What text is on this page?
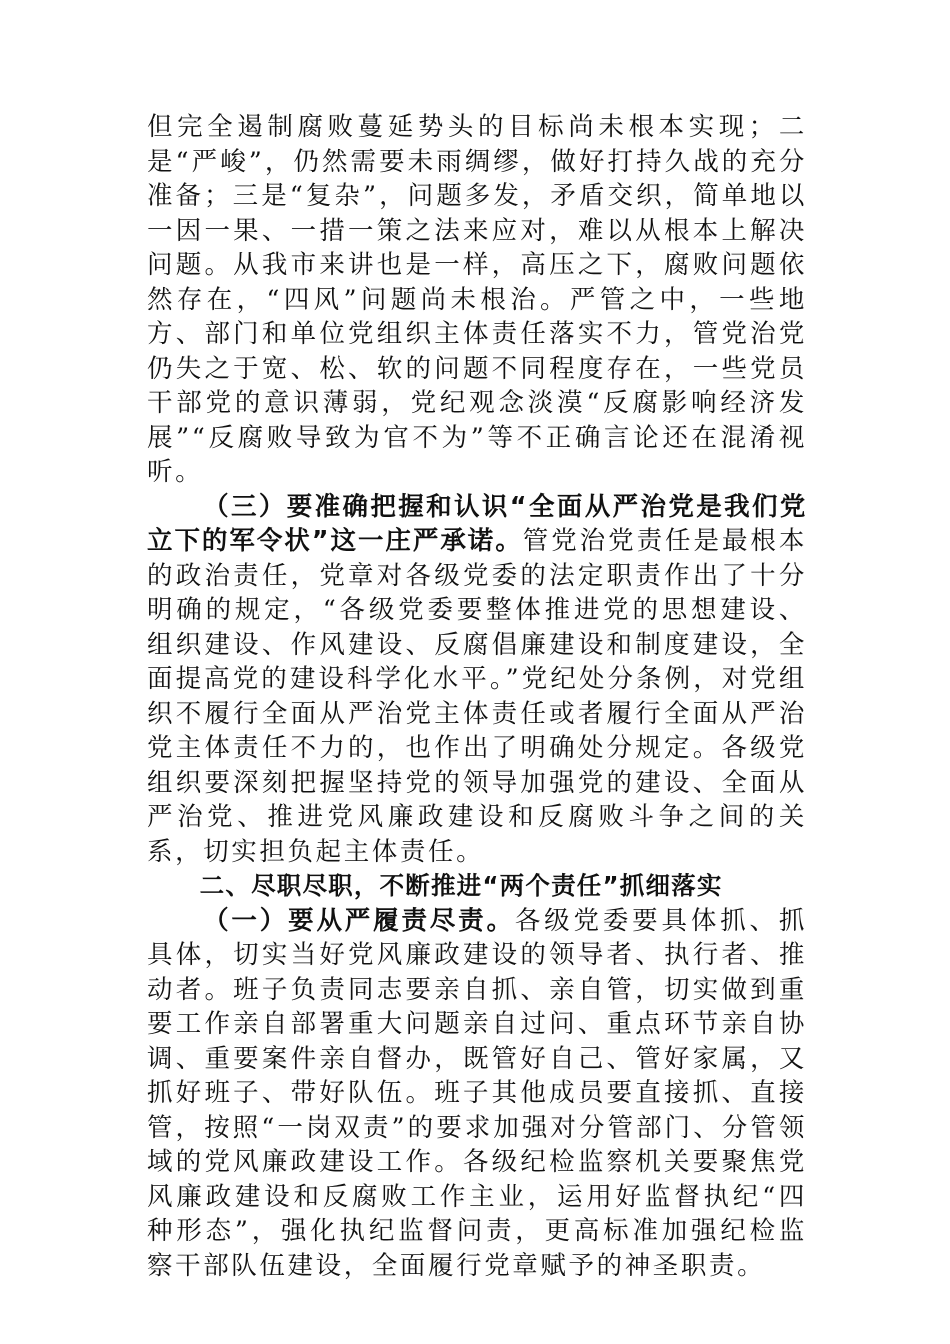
但完全遏制腐败蔓延势头的目标尚未根本实现；二是“严峻”，仍然需要未雨绸缪，做好打持久战的充分准备；三是“复杂”，问题多发，矛盾交织，简单地以一因一果、一措一策之法来应对，难以从根本上解决问题。从我市来讲也是一样，高压之下，腐败问题依然存在，“四风”问题尚未根治。严管之中，一些地方、部门和单位党组织主体责任落实不力，管党治党仍失之于宽、松、软的问题不同程度存在，一些党员干部党的意识薄弱，党纪观念淡漠“反腐影响经济发展”“反腐败导致为官不为”等不正确言论还在混淆视听。

（三）要准确把握和认识“全面从严治党是我们党立下的军令状”这一庄严承诺。管党治党责任是最根本的政治责任，党章对各级党委的法定职责作出了十分明确的规定，“各级党委要整体推进党的思想建设、组织建设、作风建设、反腐倡廉建设和制度建设，全面提高党的建设科学化水平。”党纪处分条例，对党组织不履行全面从严治党主体责任或者履行全面从严治党主体责任不力的，也作出了明确处分规定。各级党组织要深刻把握坚持党的领导加强党的建设、全面从严治党、推进党风廉政建设和反腐败斗争之间的关系，切实担负起主体责任。

二、尽职尽职，不断推进“两个责任”抓细落实

（一）要从严履责尽责。各级党委要具体抓、抓具体，切实当好党风廉政建设的领导者、执行者、推动者。班子负责同志要亲自抓、亲自管，切实做到重要工作亲自部署重大问题亲自过问、重点环节亲自协调、重要案件亲自督办，既管好自己、管好家属，又抓好班子、带好队伍。班子其他成员要直接抓、直接管，按照“一岗双责”的要求加强对分管部门、分管领域的党风廉政建设工作。各级纪检监察机关要聚焦党风廉政建设和反腐败工作主业，运用好监督执纪“四种形态”，强化执纪监督问责，更高标准加强纪检监察干部队伍建设，全面履行党章赋予的神圣职责。
